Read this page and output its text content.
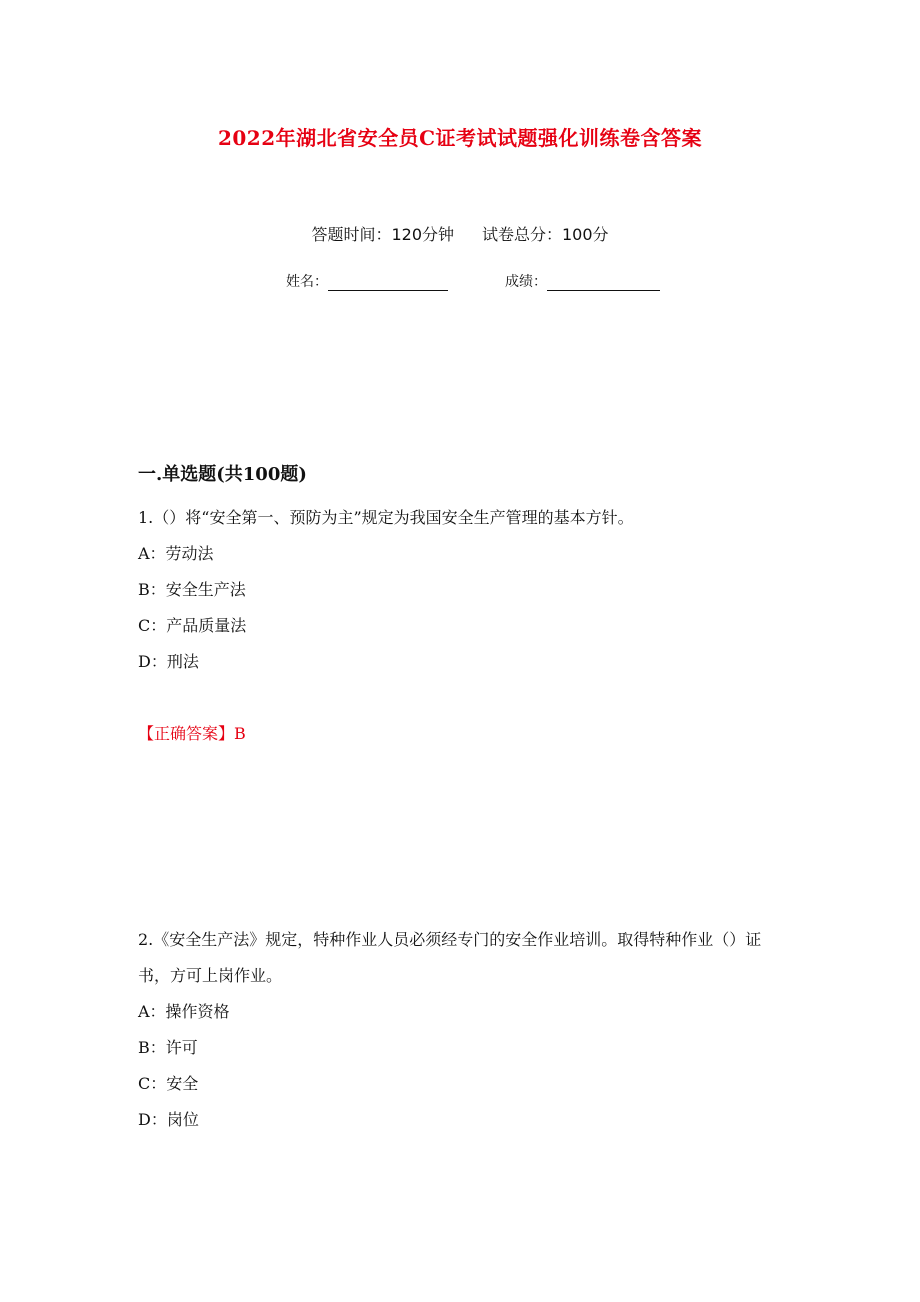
2022年湖北省安全员C证考试试题强化训练卷含答案
答题时间：120分钟 试卷总分：100分
姓名：	成绩：
一.单选题(共100题)
1.（）将“安全第一、预防为主”规定为我国安全生产管理的基本方针。
A：劳动法
B：安全生产法
C：产品质量法
D：刑法
【正确答案】B
2.《安全生产法》规定，特种作业人员必须经专门的安全作业培训。取得特种作业（）证书，方可上岗作业。
A：操作资格
B：许可
C：安全
D：岗位
